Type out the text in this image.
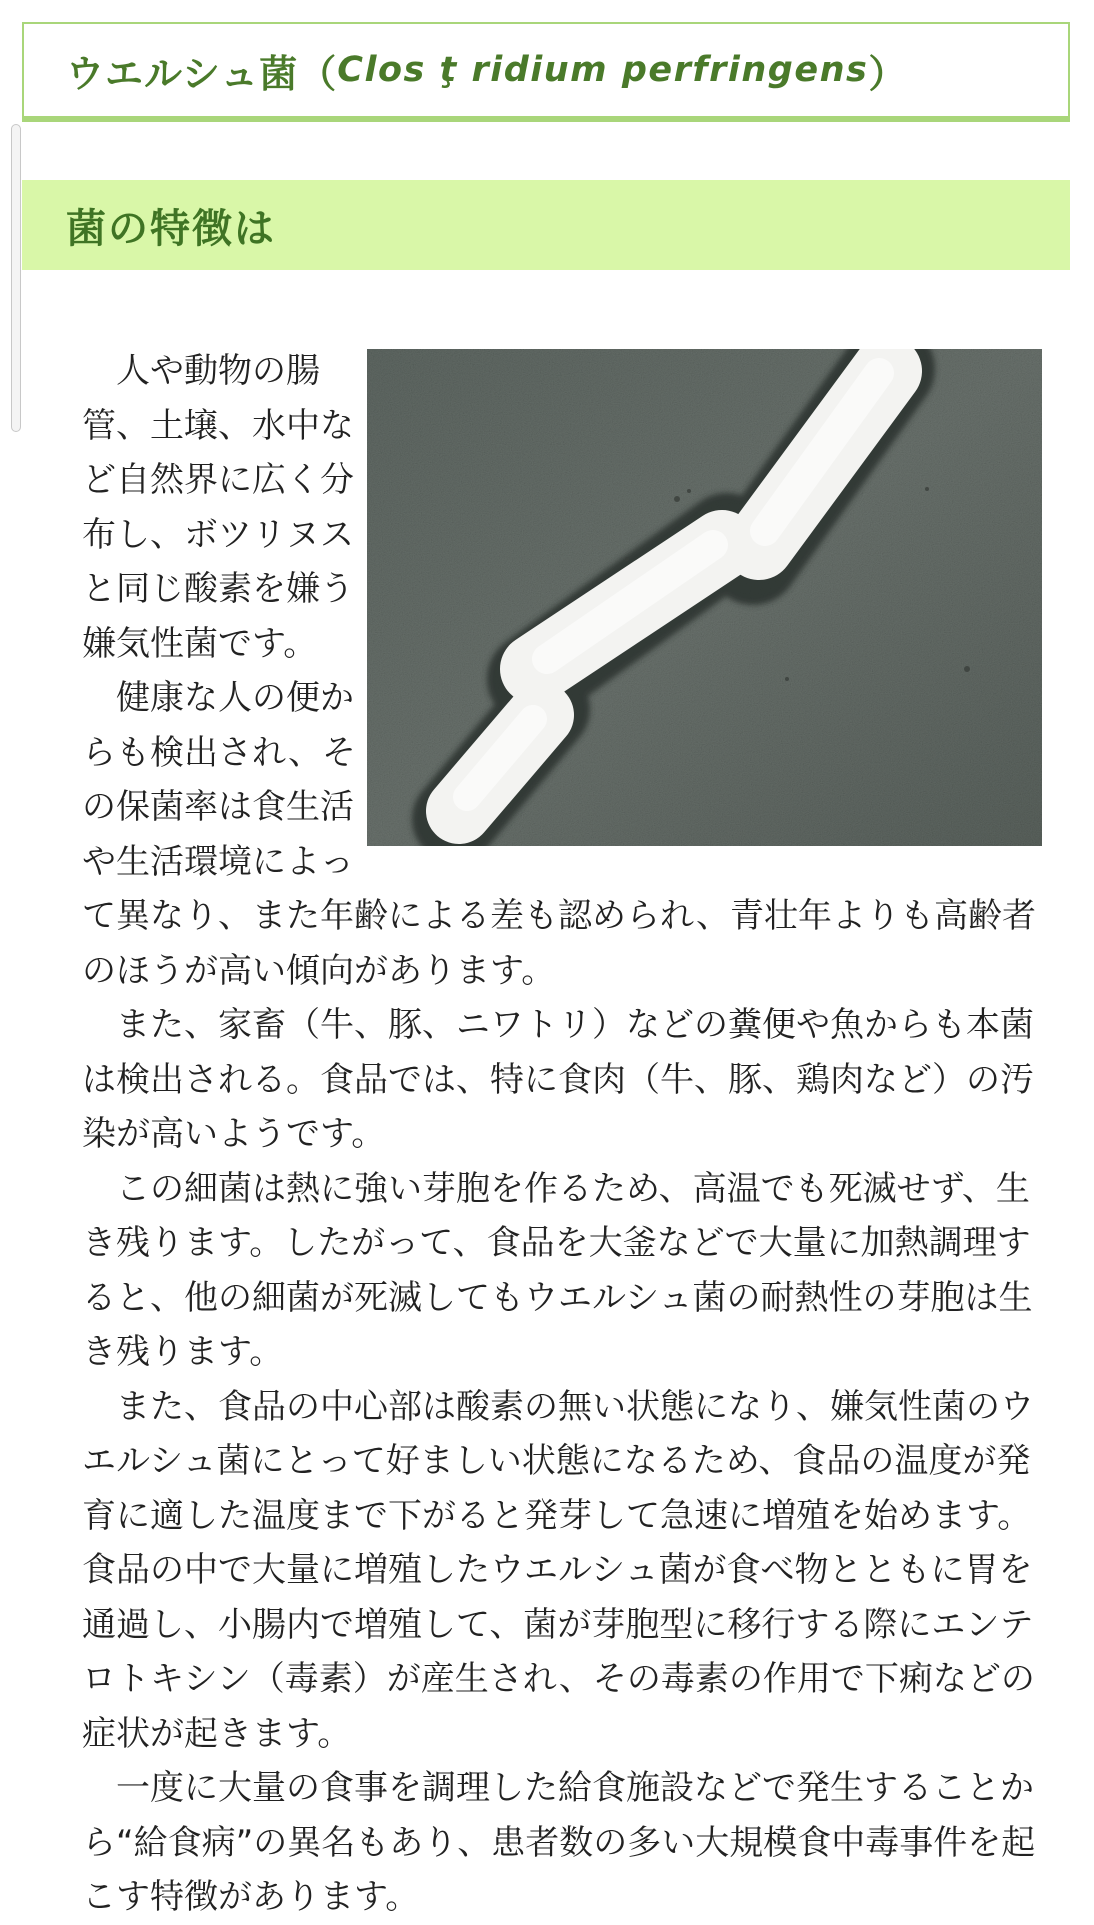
ウエルシュ菌（ Clos ţ ridium perfringens ）
菌の特徴は

　人や動物の腸管、土壌、水中など自然界に広く分布し、ボツリヌスと同じ酸素を嫌う嫌気性菌です。

　健康な人の便からも検出され、その保菌率は食生活や生活環境によって異なり、また年齢による差も認められ、青壮年よりも高齢者のほうが高い傾向があります。

　また、家畜（牛、豚、ニワトリ）などの糞便や魚からも本菌は検出される。食品では、特に食肉（牛、豚、鶏肉など）の汚染が高いようです。

　この細菌は熱に強い芽胞を作るため、高温でも死滅せず、生き残ります。したがって、食品を大釜などで大量に加熱調理すると、他の細菌が死滅してもウエルシュ菌の耐熱性の芽胞は生き残ります。

　また、食品の中心部は酸素の無い状態になり、嫌気性菌のウエルシュ菌にとって好ましい状態になるため、食品の温度が発育に適した温度まで下がると発芽して急速に増殖を始めます。食品の中で大量に増殖したウエルシュ菌が食べ物とともに胃を通過し、小腸内で増殖して、菌が芽胞型に移行する際にエンテロトキシン（毒素）が産生され、その毒素の作用で下痢などの症状が起きます。

　一度に大量の食事を調理した給食施設などで発生することから“給食病”の異名もあり、患者数の多い大規模食中毒事件を起こす特徴があります。
